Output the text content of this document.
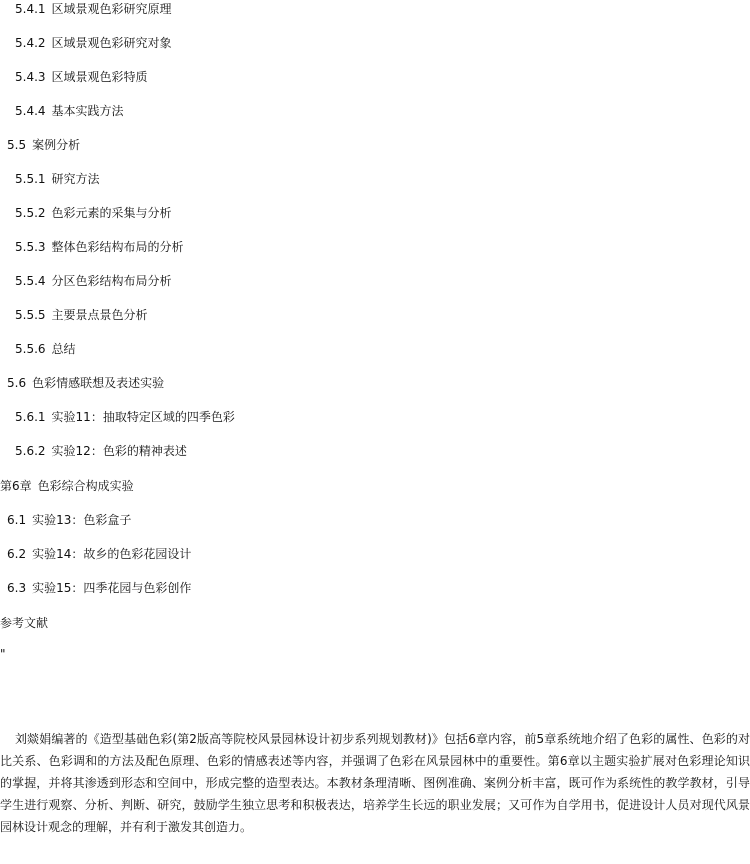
5.4.1 区域景观色彩研究原理
5.4.2 区域景观色彩研究对象
5.4.3 区域景观色彩特质
5.4.4 基本实践方法
5.5 案例分析
5.5.1 研究方法
5.5.2 色彩元素的采集与分析
5.5.3 整体色彩结构布局的分析
5.5.4 分区色彩结构布局分析
5.5.5 主要景点景色分析
5.5.6 总结
5.6 色彩情感联想及表述实验
5.6.1 实验11：抽取特定区域的四季色彩
5.6.2 实验12：色彩的精神表述
第6章 色彩综合构成实验
6.1 实验13：色彩盒子
6.2 实验14：故乡的色彩花园设计
6.3 实验15：四季花园与色彩创作
参考文献
"

刘燚娟编著的《造型基础色彩(第2版高等院校风景园林设计初步系列规划教材)》包括6章内容，前5章系统地介绍了色彩的属性、色彩的对比关系、色彩调和的方法及配色原理、色彩的情感表述等内容，并强调了色彩在风景园林中的重要性。第6章以主题实验扩展对色彩理论知识的掌握，并将其渗透到形态和空间中，形成完整的造型表达。本教材条理清晰、图例准确、案例分析丰富，既可作为系统性的教学教材，引导学生进行观察、分析、判断、研究，鼓励学生独立思考和积极表达，培养学生长远的职业发展；又可作为自学用书，促进设计人员对现代风景园林设计观念的理解，并有利于激发其创造力。
